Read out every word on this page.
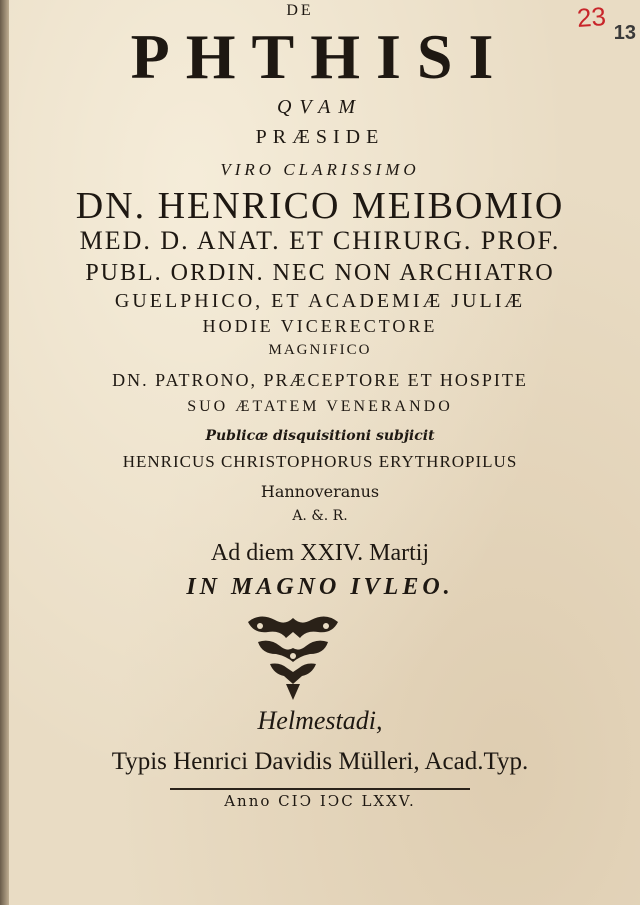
23
13
DE
PHTHISI
QVAM
PRÆSIDE
VIRO CLARISSIMO
DN. HENRICO MEIBOMIO
MED. D. ANAT. ET CHIRURG. PROF.
PUBL. ORDIN. NEC NON ARCHIATRO
GUELPHICO, ET ACADEMIÆ JULIÆ
HODIE VICERECTORE
MAGNIFICO
DN. PATRONO, PRÆCEPTORE ET HOSPITE
SUO ÆTATEM VENERANDO
Publicæ disquisitioni subjicit
HENRICUS CHRISTOPHORUS ERYTHROPILUS
Hannoveranus
A. &. R.
Ad diem XXIV. Martij
IN MAGNO IVLEO.
Helmestadi,
Typis Henrici Davidis Mülleri, Acad.Typ.
Anno CIↃ IↃC LXXV.
